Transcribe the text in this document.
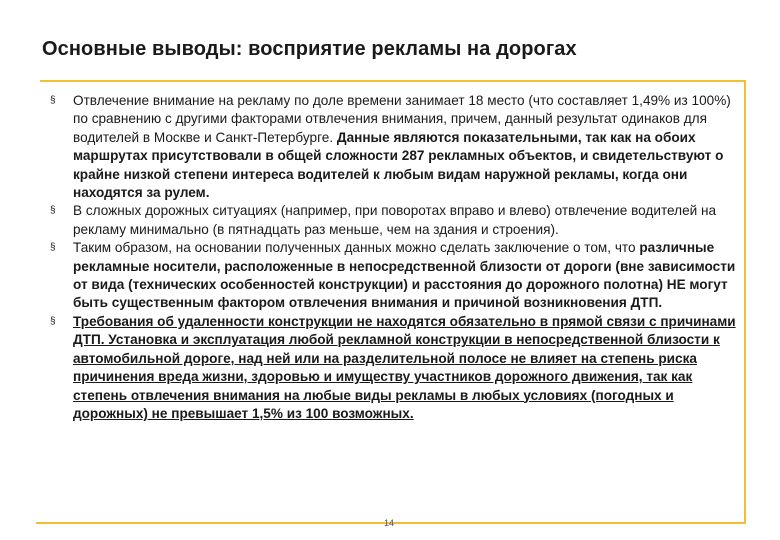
Основные выводы: восприятие рекламы на дорогах
§ Отвлечение внимание на рекламу по доле времени занимает 18 место (что составляет 1,49% из 100%) по сравнению с другими факторами отвлечения внимания, причем, данный результат одинаков для водителей в Москве и Санкт-Петербурге. Данные являются показательными, так как на обоих маршрутах присутствовали в общей сложности 287 рекламных объектов, и свидетельствуют о крайне низкой степени интереса водителей к любым видам наружной рекламы, когда они находятся за рулем.
§ В сложных дорожных ситуациях (например, при поворотах вправо и влево) отвлечение водителей на рекламу минимально (в пятнадцать раз меньше, чем на здания и строения).
§ Таким образом, на основании полученных данных можно сделать заключение о том, что различные рекламные носители, расположенные в непосредственной близости от дороги (вне зависимости от вида (технических особенностей конструкции) и расстояния до дорожного полотна) НЕ могут быть существенным фактором отвлечения внимания и причиной возникновения ДТП.
§ Требования об удаленности конструкции не находятся обязательно в прямой связи с причинами ДТП. Установка и эксплуатация любой рекламной конструкции в непосредственной близости к автомобильной дороге, над ней или на разделительной полосе не влияет на степень риска причинения вреда жизни, здоровью и имуществу участников дорожного движения, так как степень отвлечения внимания на любые виды рекламы в любых условиях (погодных и дорожных) не превышает 1,5% из 100 возможных.
14
